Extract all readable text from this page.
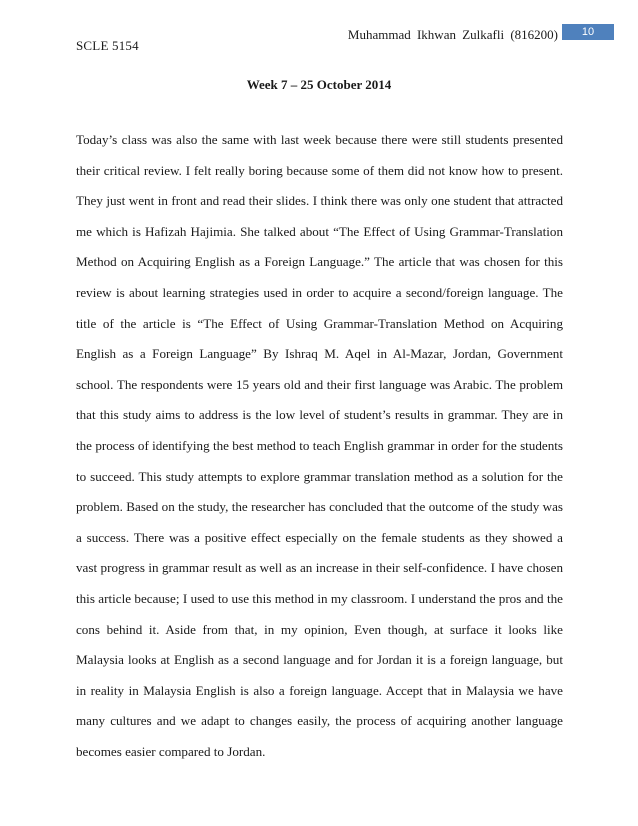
SCLE 5154
Muhammad Ikhwan Zulkafli (816200)	10
Week 7 – 25 October 2014

Today’s class was also the same with last week because there were still students presented their critical review. I felt really boring because some of them did not know how to present. They just went in front and read their slides. I think there was only one student that attracted me which is Hafizah Hajimia. She talked about “The Effect of Using Grammar-Translation Method on Acquiring English as a Foreign Language.” The article that was chosen for this review is about learning strategies used in order to acquire a second/foreign language. The title of the article is “The Effect of Using Grammar-Translation Method on Acquiring English as a Foreign Language” By Ishraq M. Aqel in Al-Mazar, Jordan, Government school. The respondents were 15 years old and their first language was Arabic. The problem that this study aims to address is the low level of student’s results in grammar. They are in the process of identifying the best method to teach English grammar in order for the students to succeed. This study attempts to explore grammar translation method as a solution for the problem. Based on the study, the researcher has concluded that the outcome of the study was a success. There was a positive effect especially on the female students as they showed a vast progress in grammar result as well as an increase in their self-confidence. I have chosen this article because; I used to use this method in my classroom. I understand the pros and the cons behind it. Aside from that, in my opinion, Even though, at surface it looks like Malaysia looks at English as a second language and for Jordan it is a foreign language, but in reality in Malaysia English is also a foreign language. Accept that in Malaysia we have many cultures and we adapt to changes easily, the process of acquiring another language becomes easier compared to Jordan.
